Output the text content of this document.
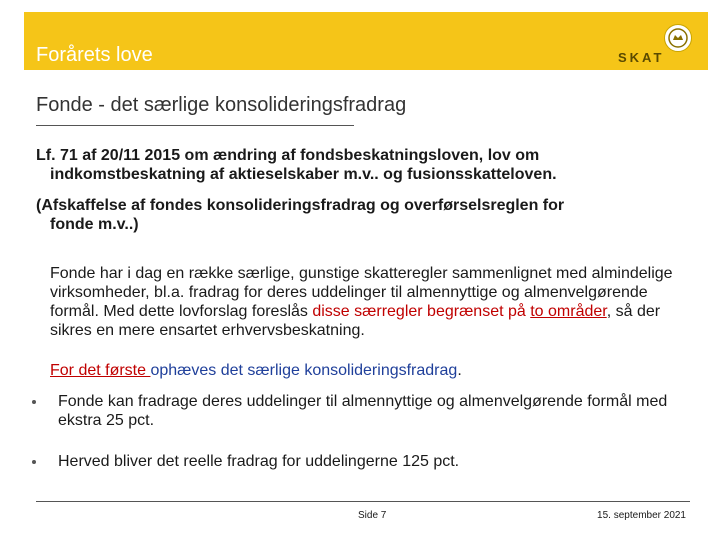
Forårets love	SKAT
Fonde - det særlige konsolideringsfradrag
Lf. 71 af 20/11 2015 om ændring af fondsbeskatningsloven, lov om
indkomstbeskatning af aktieselskaber m.v.. og fusionsskatteloven.
(Afskaffelse af fondes konsolideringsfradrag og overførselsreglen for
fonde m.v..)
Fonde har i dag en række særlige, gunstige skatteregler sammenlignet med almindelige virksomheder, bl.a. fradrag for deres uddelinger til almennyttige og almenvelgørende formål. Med dette lovforslag foreslås disse særregler begrænset på to områder, så der sikres en mere ensartet erhvervsbeskatning.
For det første ophæves det særlige konsolideringsfradrag.
Fonde kan fradrage deres uddelinger til almennyttige og almenvelgørende formål med ekstra 25 pct.
Herved bliver det reelle fradrag for uddelingerne 125 pct.
Side 7	15. september 2021
